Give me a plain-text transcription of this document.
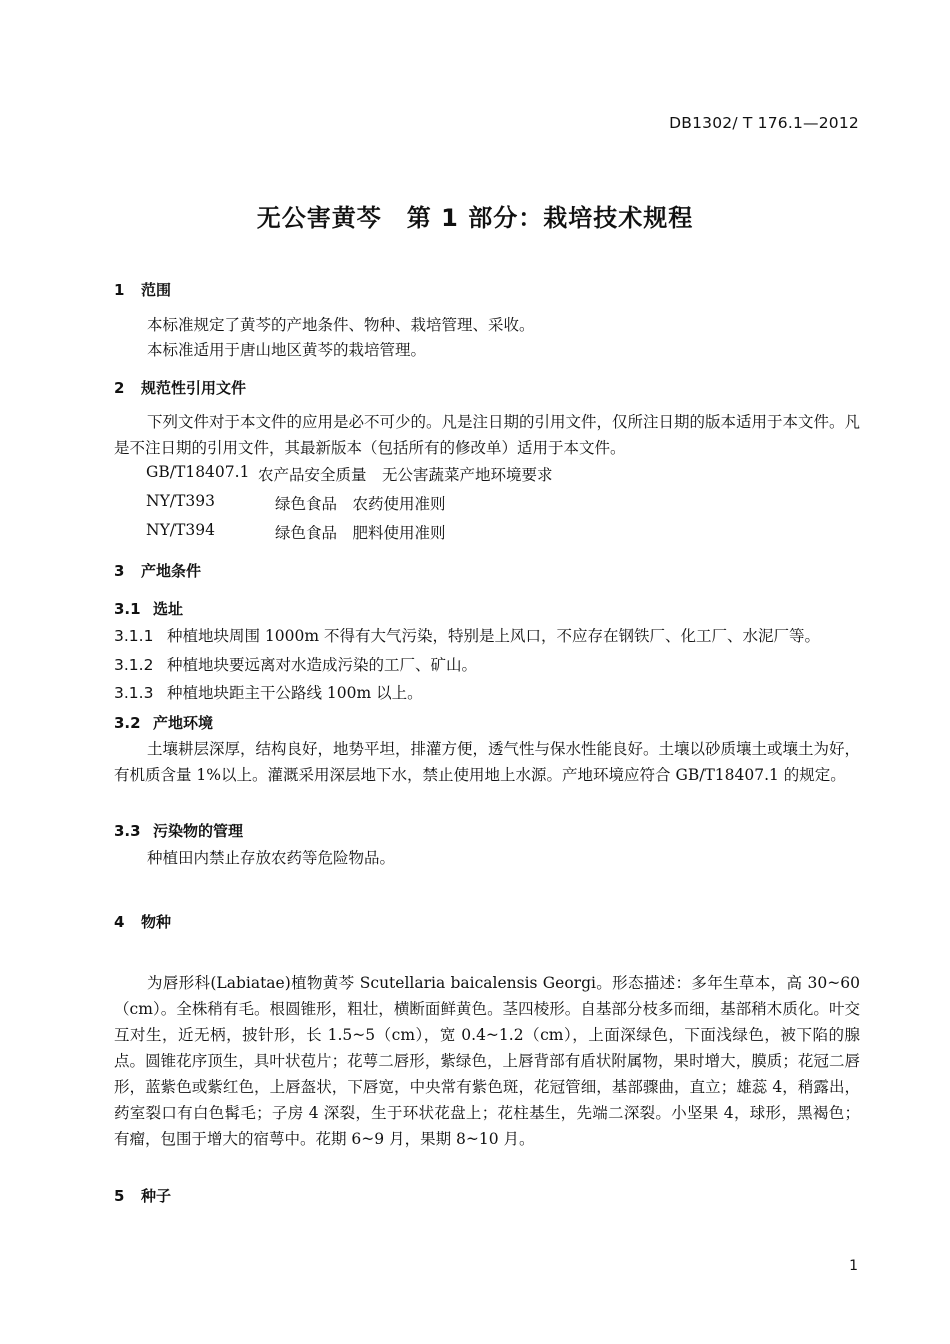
DB1302/ T 176.1—2012
无公害黄芩　第 1 部分：栽培技术规程
1 范围
本标准规定了黄芩的产地条件、物种、栽培管理、采收。
本标准适用于唐山地区黄芩的栽培管理。
2 规范性引用文件
下列文件对于本文件的应用是必不可少的。凡是注日期的引用文件，仅所注日期的版本适用于本文件。凡是不注日期的引用文件，其最新版本（包括所有的修改单）适用于本文件。
GB/T18407.1 农产品安全质量　无公害蔬菜产地环境要求
NY/T393	绿色食品　农药使用准则
NY/T394	绿色食品　肥料使用准则
3 产地条件
3.1 选址
3.1.1 种植地块周围 1000m 不得有大气污染，特别是上风口，不应存在钢铁厂、化工厂、水泥厂等。
3.1.2 种植地块要远离对水造成污染的工厂、矿山。
3.1.3 种植地块距主干公路线 100m 以上。
3.2 产地环境
土壤耕层深厚，结构良好，地势平坦，排灌方便，透气性与保水性能良好。土壤以砂质壤土或壤土为好，有机质含量 1%以上。灌溉采用深层地下水，禁止使用地上水源。产地环境应符合 GB/T18407.1 的规定。
3.3 污染物的管理
种植田内禁止存放农药等危险物品。
4 物种
为唇形科(Labiatae)植物黄芩 Scutellaria baicalensis Georgi。形态描述：多年生草本，高 30~60（cm）。全株稍有毛。根圆锥形，粗壮，横断面鲜黄色。茎四棱形。自基部分枝多而细，基部稍木质化。叶交互对生，近无柄，披针形，长 1.5~5（cm），宽 0.4~1.2（cm），上面深绿色，下面浅绿色，被下陷的腺点。圆锥花序顶生，具叶状苞片；花萼二唇形，紫绿色，上唇背部有盾状附属物，果时增大，膜质；花冠二唇形，蓝紫色或紫红色，上唇盔状，下唇宽，中央常有紫色斑，花冠管细，基部骤曲，直立；雄蕊 4，稍露出，药室裂口有白色髯毛；子房 4 深裂，生于环状花盘上；花柱基生，先端二深裂。小坚果 4，球形，黑褐色；有瘤，包围于增大的宿萼中。花期 6~9 月，果期 8~10 月。
5 种子
1
